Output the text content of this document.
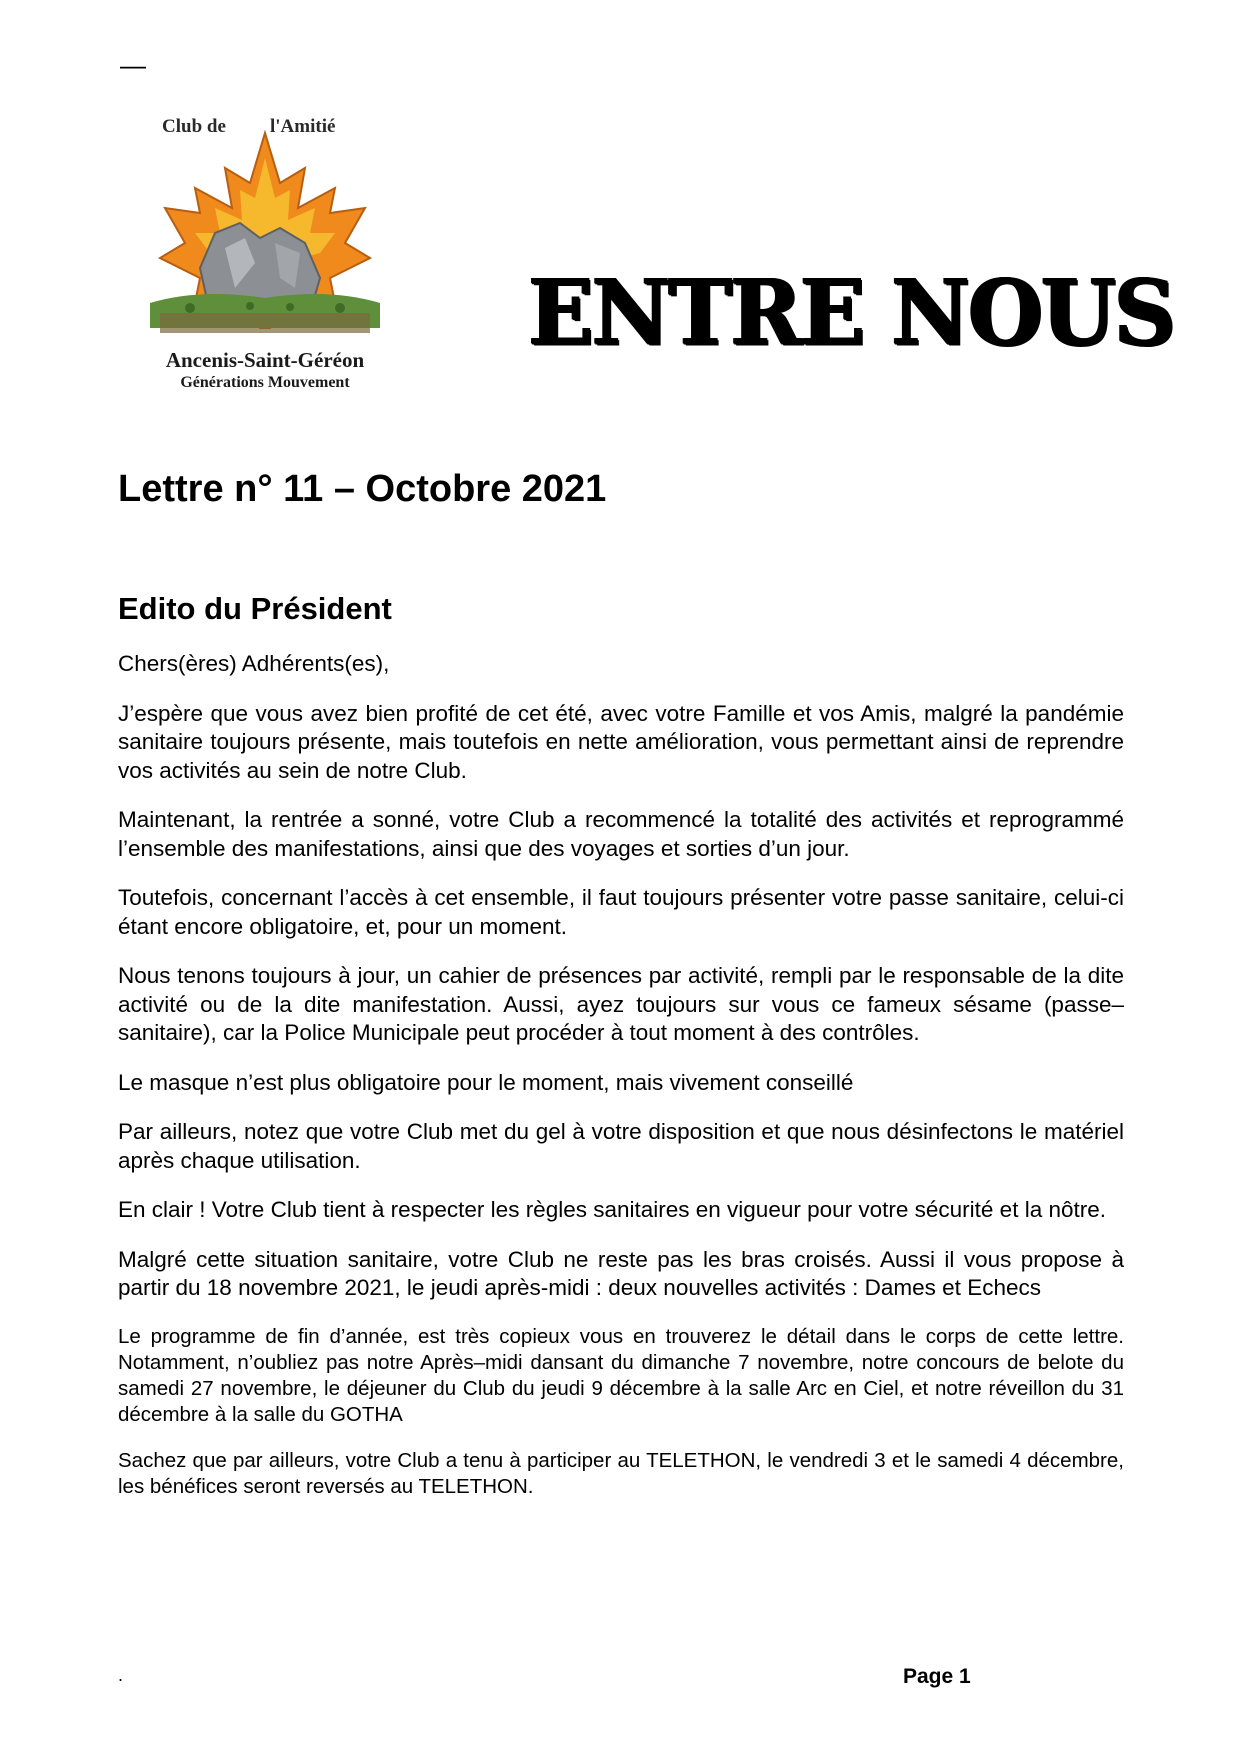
—
Club de l'Amitié
Ancenis-Saint-Géréon
Générations Mouvement
ENTRE NOUS
Lettre n° 11 – Octobre 2021
Edito du Président

Chers(ères) Adhérents(es),

J’espère que vous avez bien profité de cet été, avec votre Famille et vos Amis, malgré la pandémie sanitaire toujours présente, mais toutefois en nette amélioration, vous permettant ainsi de reprendre vos activités au sein de notre Club.

Maintenant, la rentrée a sonné, votre Club a recommencé la totalité des activités et reprogrammé l’ensemble des manifestations, ainsi que des voyages et sorties d’un jour.

Toutefois, concernant l’accès à cet ensemble, il faut toujours présenter votre passe sanitaire, celui-ci étant encore obligatoire, et, pour un moment.

Nous tenons toujours à jour, un cahier de présences par activité, rempli par le responsable de la dite activité ou de la dite manifestation. Aussi, ayez toujours sur vous ce fameux sésame (passe–sanitaire), car la Police Municipale peut procéder à tout moment à des contrôles.

Le masque n’est plus obligatoire pour le moment, mais vivement conseillé

Par ailleurs, notez que votre Club met du gel à votre disposition et que nous désinfectons le matériel après chaque utilisation.

En clair ! Votre Club tient à respecter les règles sanitaires en vigueur pour votre sécurité et la nôtre.

Malgré cette situation sanitaire, votre Club ne reste pas les bras croisés. Aussi il vous propose à partir du 18 novembre 2021, le jeudi après-midi : deux nouvelles activités : Dames et Echecs

Le programme de fin d’année, est très copieux vous en trouverez le détail dans le corps de cette lettre. Notamment, n’oubliez pas notre Après–midi dansant du dimanche 7 novembre, notre concours de belote du samedi 27 novembre, le déjeuner du Club du jeudi 9 décembre à la salle Arc en Ciel, et notre réveillon du 31 décembre à la salle du GOTHA

Sachez que par ailleurs, votre Club a tenu à participer au TELETHON, le vendredi 3 et le samedi 4 décembre, les bénéfices seront reversés au TELETHON.

.	Page 1
